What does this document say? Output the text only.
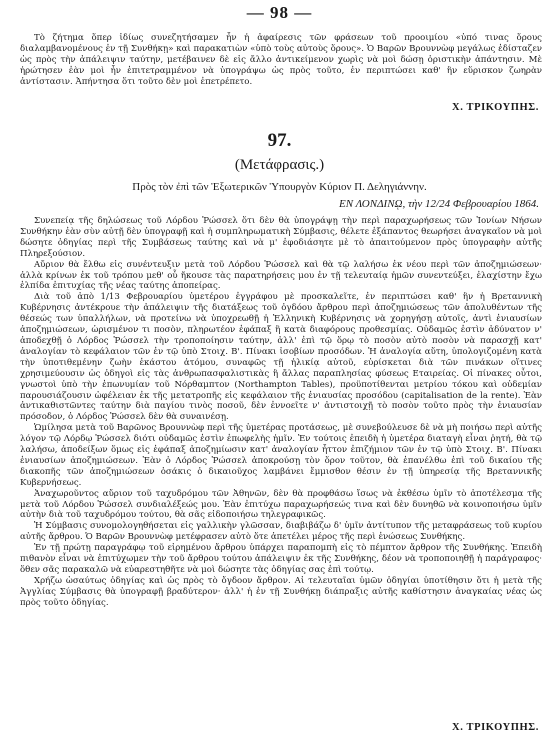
— 98 —

Τὸ ζήτημα ὅπερ ἰδίως συνεζητήσαμεν ἦν ἡ ἀφαίρεσις τῶν φράσεων τοῦ προοιμίου «ὑπό τινας ὅρους διαλαμβανομένους ἐν τῇ Συνθήκῃ» καὶ παρακατιὼν «ὑπὸ τοὺς αὐτοὺς ὅρους». Ὁ Βαρῶν Βρουννὼφ μεγάλως ἐδίσταζεν ὡς πρὸς τὴν ἀπάλειψιν ταύτην, μετέβαινεν δὲ εἰς ἄλλο ἀντικείμενον χωρὶς νὰ μοὶ δώσῃ ὁριστικὴν ἀπάντησιν. Μὲ ἠρώτησεν ἐὰν μοὶ ἦν ἐπιτετραμμένον νὰ ὑπογράψω ὡς πρὸς τοῦτο, ἐν περιπτώσει καθ' ἣν εὕρισκον ζωηρὰν ἀντίστασιν. Ἀπήντησα ὅτι τοῦτο δὲν μοὶ ἐπετρέπετο.

Χ. ΤΡΙΚΟΥΠΗΣ.
97.
(Μετάφρασις.)
Πρὸς τὸν ἐπὶ τῶν Ἐξωτερικῶν Ὑπουργὸν Κύριον Π. Δεληγιάννην.
ΕΝ ΛΟΝΔΙΝῼ, τὴν 12/24 Φεβρουαρίου 1864.

Συνεπείᾳ τῆς δηλώσεως τοῦ Λόρδου Ῥώσσελ ὅτι δὲν θὰ ὑπογράψῃ τὴν περὶ παραχωρήσεως τῶν Ἰονίων Νήσων Συνθήκην ἐὰν σὺν αὐτῇ δὲν ὑπογραφῇ καὶ ἡ συμπληρωματικὴ Σύμβασις, θέλετε ἐξάπαντος θεωρήσει ἀναγκαῖον νὰ μοὶ δώσητε ὁδηγίας περὶ τῆς Συμβάσεως ταύτης καὶ νὰ μ' ἐφοδιάσητε μὲ τὸ ἀπαιτούμενον πρὸς ὑπογραφὴν αὐτῆς Πληρεξούσιον.

Αὔριον θὰ ἔλθω εἰς συνέντευξιν μετὰ τοῦ Λόρδου Ῥώσσελ καὶ θὰ τῷ λαλήσω ἐκ νέου περὶ τῶν ἀποζημιώσεων· ἀλλὰ κρίνων ἐκ τοῦ τρόπου μεθ' οὗ ἤκουσε τὰς παρατηρήσεις μου ἐν τῇ τελευταίᾳ ἡμῶν συνεντεύξει, ἐλαχίστην ἔχω ἐλπίδα ἐπιτυχίας τῆς νέας ταύτης ἀποπείρας.

Διὰ τοῦ ἀπὸ 1/13 Φεβρουαρίου ὑμετέρου ἐγγράφου μὲ προσκαλεῖτε, ἐν περιπτώσει καθ' ἣν ἡ Βρεταννικὴ Κυβέρνησις ἀντέκρουε τὴν ἀπάλειψιν τῆς διατάξεως τοῦ ὀγδόου ἄρθρου περὶ ἀποζημιώσεως τῶν ἀπολυθέντων τῆς θέσεώς των ὑπαλλήλων, νὰ προτείνω νὰ ὑποχρεωθῇ ἡ Ἑλληνικὴ Κυβέρνησις νὰ χορηγήσῃ αὐτοῖς, ἀντὶ ἐνιαυσίων ἀποζημιώσεων, ὡρισμένον τι ποσὸν, πληρωτέον ἐφάπαξ ἢ κατὰ διαφόρους προθεσμίας. Οὐδαμῶς ἐστὶν ἀδύνατον ν' ἀποδεχθῇ ὁ Λόρδος Ῥώσσελ τὴν τροποποίησιν ταύτην, ἀλλ' ἐπὶ τῷ ὅρῳ τὸ ποσὸν αὐτὸ ποσὸν νὰ παρασχῇ κατ' ἀναλογίαν τὸ κεφάλαιον τῶν ἐν τῷ ὑπὸ Στοιχ. Β'. Πίνακι ἰσοβίων προσόδων. Ἡ ἀναλογία αὕτη, ὑπολογιζομένη κατὰ τὴν ὑποτιθεμένην ζωὴν ἑκάστου ἀτόμου, συναφῶς τῇ ἡλικίᾳ αὐτοῦ, εὑρίσκεται διὰ τῶν πινάκων οἵτινες χρησιμεύουσιν ὡς ὁδηγοὶ εἰς τὰς ἀνθρωπασφαλιστικὰς ἢ ἄλλας παραπλησίας φύσεως Εταιρείας. Οἱ πίνακες οὗτοι, γνωστοὶ ὑπὸ τὴν ἐπωνυμίαν τοῦ Νόρθαμπτον (Northampton Tables), προϋποτίθενται μετρίου τόκου καὶ οὐδεμίαν παρουσιάζουσιν ὠφέλειαν ἐκ τῆς μετατροπῆς εἰς κεφάλαιον τῆς ἐνιαυσίας προσόδου (capitalisation de la rente). Ἐὰν ἀντικαθιστῶντες ταύτην διὰ παγίου τινὸς ποσοῦ, δὲν ἐννοεῖτε ν' ἀντιστοιχῇ τὸ ποσὸν τοῦτο πρὸς τὴν ἐνιαυσίαν πρόσοδον, ὁ Λόρδος Ῥώσσελ δὲν θὰ συναινέσῃ.

Ὡμίλησα μετὰ τοῦ Βαρῶνος Βρουννὼφ περὶ τῆς ὑμετέρας προτάσεως, μὲ συνεβούλευσε δὲ νὰ μὴ ποιήσω περὶ αὐτῆς λόγον τῷ Λόρδῳ Ῥώσσελ διότι οὐδαμῶς ἐστὶν ἐπωφελὴς ἡμῖν. Ἐν τούτοις ἐπειδὴ ἡ ὑμετέρα διαταγὴ εἶναι ῥητή, θὰ τῷ λαλήσω, ἀποδείξων ὅμως εἰς ἐφάπαξ ἀποζημίωσιν κατ' ἀναλογίαν ἧττον ἐπιζήμιον τῶν ἐν τῷ ὑπὸ Στοιχ. Β'. Πίνακι ἐνιαυσίων ἀποζημιώσεων. Ἐὰν ὁ Λόρδος Ῥώσσελ ἀποκρούσῃ τὸν ὅρον τοῦτον, θὰ ἐπανέλθω ἐπὶ τοῦ δικαίου τῆς διακοπῆς τῶν ἀποζημιώσεων ὁσάκις ὁ δικαιοῦχος λαμβάνει ἔμμισθον θέσιν ἐν τῇ ὑπηρεσίᾳ τῆς Βρεταννικῆς Κυβερνήσεως.

Ἀναχωροῦντος αὔριον τοῦ ταχυδρόμου τῶν Ἀθηνῶν, δὲν θὰ προφθάσω ἴσως νὰ ἐκθέσω ὑμῖν τὸ ἀποτέλεσμα τῆς μετὰ τοῦ Λόρδου Ῥώσσελ συνδιαλέξεώς μου. Ἐὰν ἐπιτύχω παραχωρήσεώς τινα καὶ δὲν δυνηθῶ νὰ κοινοποιήσω ὑμῖν αὐτὴν διὰ τοῦ ταχυδρόμου τούτου, θὰ σᾶς εἰδοποιήσω τηλεγραφικῶς.

Ἡ Σύμβασις συνομολογηθήσεται εἰς γαλλικὴν γλῶσσαν, διαβιβάζω δ' ὑμῖν ἀντίτυπον τῆς μεταφράσεως τοῦ κυρίου αὐτῆς ἄρθρου. Ὁ Βαρῶν Βρουννὼφ μετέφρασεν αὐτὸ ὅτε ἀπετέλει μέρος τῆς περὶ ἑνώσεως Συνθήκης.

Ἐν τῇ πρώτῃ παραγράφῳ τοῦ εἰρημένου ἄρθρου ὑπάρχει παραπομπὴ εἰς τὸ πέμπτον ἄρθρον τῆς Συνθήκης. Ἐπειδὴ πιθανὸν εἶναι νὰ ἐπιτύχωμεν τὴν τοῦ ἄρθρου τούτου ἀπάλειψιν ἐκ τῆς Συνθήκης, δέον νὰ τροποποιηθῇ ἡ παράγραφος· ὅθεν σᾶς παρακαλῶ νὰ εὐαρεστηθῆτε νὰ μοὶ δώσητε τὰς ὁδηγίας σας ἐπὶ τούτῳ.

Χρήζω ὡσαύτως ὁδηγίας καὶ ὡς πρὸς τὸ ὄγδοον ἄρθρον. Αἱ τελευταῖαι ὑμῶν ὁδηγίαι ὑποτίθησιν ὅτι ἡ μετὰ τῆς Ἀγγλίας Σύμβασις θὰ ὑπογραφῇ βραδύτερον· ἀλλ' ἡ ἐν τῇ Συνθήκῃ διάπραξις αὐτῆς καθίστησιν ἀναγκαίας νέας ὡς πρὸς τοῦτο ὁδηγίας.

Χ. ΤΡΙΚΟΥΠΗΣ.
